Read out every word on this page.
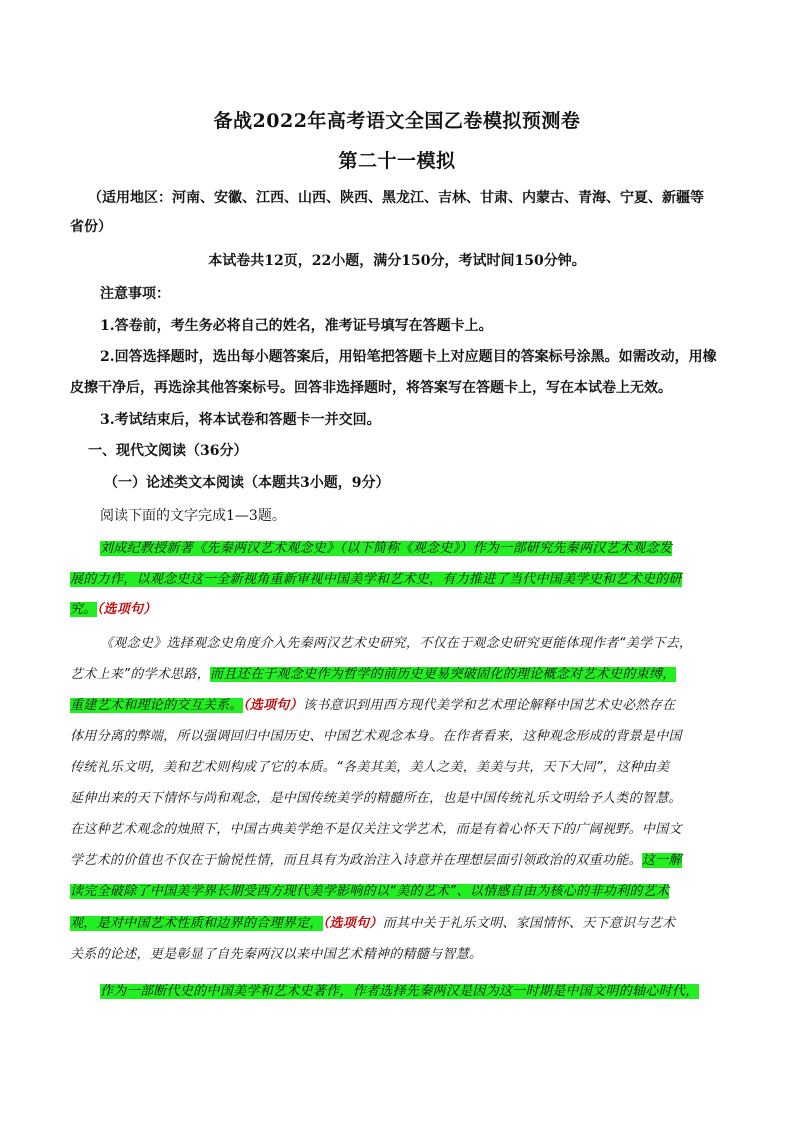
备战2022年高考语文全国乙卷模拟预测卷
第二十一模拟
（适用地区：河南、安徽、江西、山西、陕西、黑龙江、吉林、甘肃、内蒙古、青海、宁夏、新疆等
省份）
本试卷共12页，22小题，满分150分，考试时间150分钟。
注意事项：
1.答卷前，考生务必将自己的姓名，准考证号填写在答题卡上。
2.回答选择题时，选出每小题答案后，用铅笔把答题卡上对应题目的答案标号涂黑。如需改动，用橡
皮擦干净后，再选涂其他答案标号。回答非选择题时，将答案写在答题卡上，写在本试卷上无效。
3.考试结束后，将本试卷和答题卡一并交回。
一、现代文阅读（36分）
（一）论述类文本阅读（本题共3小题，9分）
阅读下面的文字完成1—3题。
刘成纪教授新著《先秦两汉艺术观念史》（以下简称《观念史》）作为一部研究先秦两汉艺术观念发
展的力作，以观念史这一全新视角重新审视中国美学和艺术史，有力推进了当代中国美学史和艺术史的研
究。（选项句）
《观念史》选择观念史角度介入先秦两汉艺术史研究，不仅在于观念史研究更能体现作者“美学下去，
艺术上来”的学术思路，而且还在于观念史作为哲学的前历史更易突破固化的理论概念对艺术史的束缚，
重建艺术和理论的交互关系。（选项句）该书意识到用西方现代美学和艺术理论解释中国艺术史必然存在
体用分离的弊端，所以强调回归中国历史、中国艺术观念本身。在作者看来，这种观念形成的背景是中国
传统礼乐文明，美和艺术则构成了它的本质。“各美其美，美人之美，美美与共，天下大同”，这种由美
延伸出来的天下情怀与尚和观念，是中国传统美学的精髓所在，也是中国传统礼乐文明给予人类的智慧。
在这种艺术观念的烛照下，中国古典美学绝不是仅关注文学艺术，而是有着心怀天下的广阔视野。中国文
学艺术的价值也不仅在于愉悦性情，而且具有为政治注入诗意并在理想层面引领政治的双重功能。这一解
读完全破除了中国美学界长期受西方现代美学影响的以“美的艺术”、以情感自由为核心的非功利的艺术
观，是对中国艺术性质和边界的合理界定，（选项句）而其中关于礼乐文明、家国情怀、天下意识与艺术
关系的论述，更是彰显了自先秦两汉以来中国艺术精神的精髓与智慧。
作为一部断代史的中国美学和艺术史著作，作者选择先秦两汉是因为这一时期是中国文明的轴心时代，
